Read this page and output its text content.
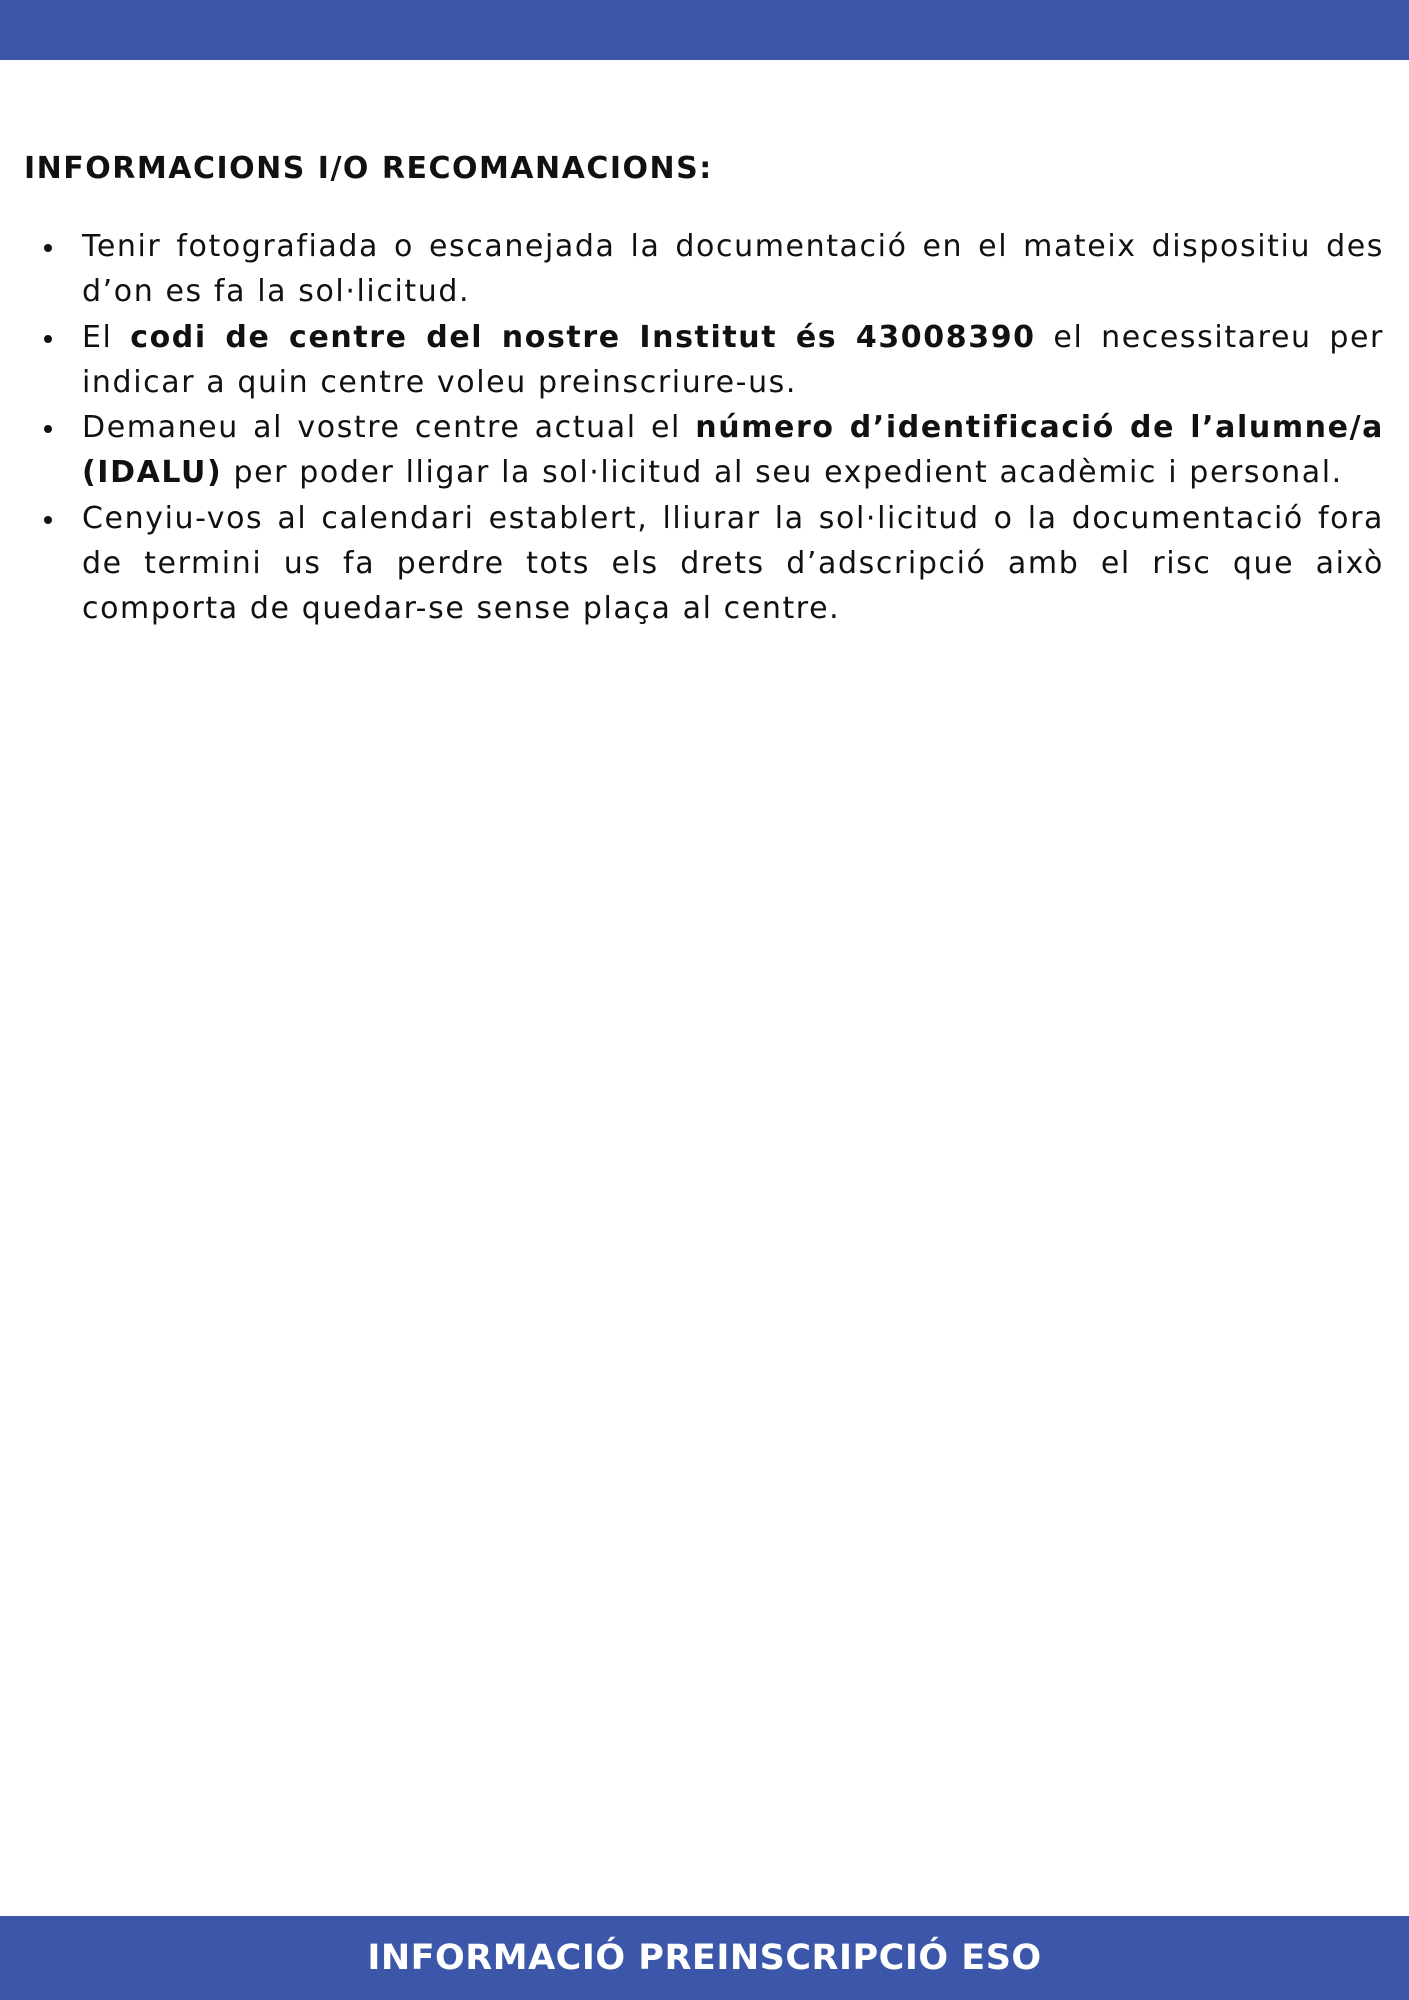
INFORMACIONS I/O RECOMANACIONS:
Tenir fotografiada o escanejada la documentació en el mateix dispositiu des d’on es fa la sol·licitud.
El codi de centre del nostre Institut és 43008390 el necessitareu per indicar a quin centre voleu preinscriure-us.
Demaneu al vostre centre actual el número d’identificació de l’alumne/a (IDALU) per poder lligar la sol·licitud al seu expedient acadèmic i personal.
Cenyiu-vos al calendari establert, lliurar la sol·licitud o la documentació fora de termini us fa perdre tots els drets d’adscripció amb el risc que això comporta de quedar-se sense plaça al centre.
INFORMACIÓ PREINSCRIPCIÓ ESO
